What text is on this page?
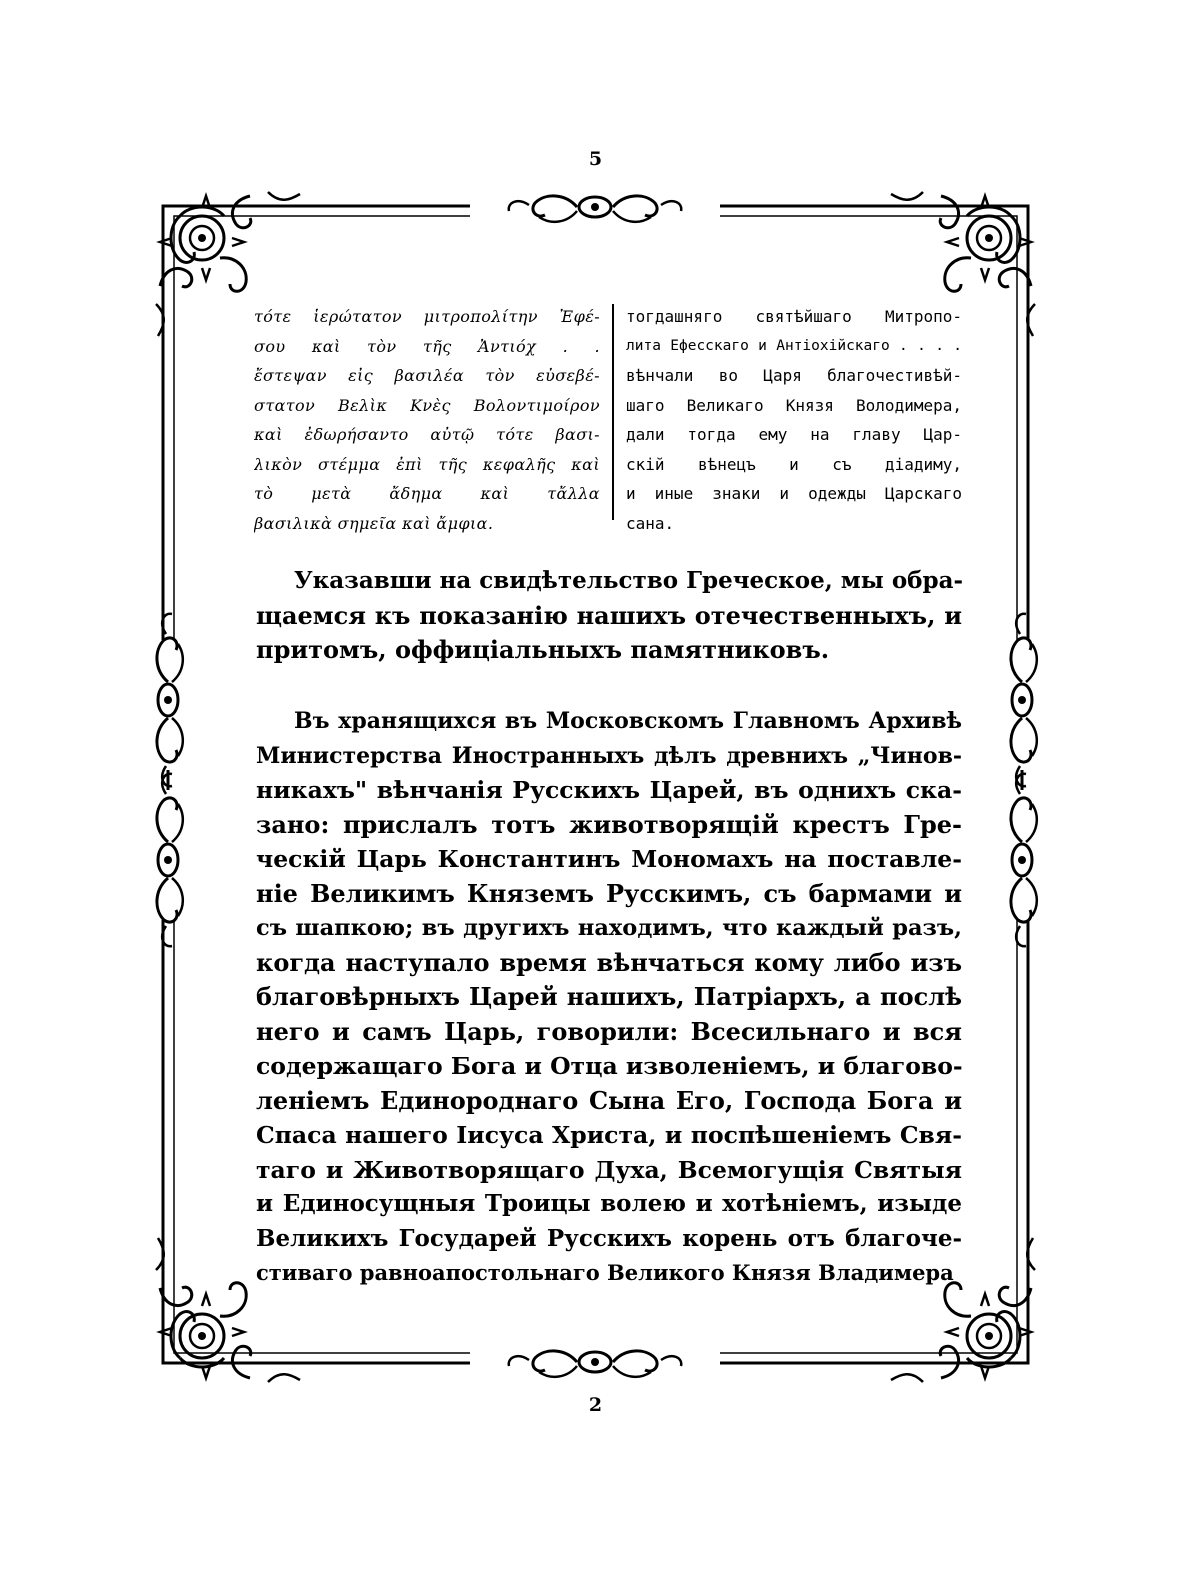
5
τότε ἱερώτατον μιτροπολίτην Ἐφέ-
σου καὶ τὸν τῆς Ἀντιόχ . .
ἔστεψαν εἰς βασιλέα τὸν εὐσεβέ-
στατον Βελὶκ Κνὲς Βολοντιμοίρον
καὶ ἐδωρήσαντο αὐτῷ τότε βασι-
λικὸν στέμμα ἐπὶ τῆς κεφαλῆς καὶ
τὸ μετὰ ἄδημα καὶ τἄλλα
βασιλικὰ σημεῖα καὶ ἄμφια.
тогдашняго святѣйшаго Митропо-
лита Ефесскаго и Антіохійскаго . . . .
вѣнчали во Царя благочестивѣй-
шаго Великаго Князя Володимера,
дали тогда ему на главу Цар-
скій вѣнецъ и съ діадиму,
и иные знаки и одежды Царскаго
сана.
Указавши на свидѣтельство Греческое, мы обра-
щаемся къ показанію нашихъ отечественныхъ, и
притомъ, оффиціальныхъ памятниковъ.
Въ хранящихся въ Московскомъ Главномъ Архивѣ
Министерства Иностранныхъ дѣлъ древнихъ „Чинов-
никахъ" вѣнчанія Русскихъ Царей, въ однихъ ска-
зано: прислалъ тотъ животворящій крестъ Гре-
ческій Царь Константинъ Мономахъ на поставле-
ніе Великимъ Княземъ Русскимъ, съ бармами и
съ шапкою; въ другихъ находимъ, что каждый разъ,
когда наступало время вѣнчаться кому либо изъ
благовѣрныхъ Царей нашихъ, Патріархъ, а послѣ
него и самъ Царь, говорили: Всесильнаго и вся
содержащаго Бога и Отца изволеніемъ, и благово-
леніемъ Единороднаго Сына Его, Господа Бога и
Спаса нашего Іисуса Христа, и поспѣшеніемъ Свя-
таго и Животворящаго Духа, Всемогущія Святыя
и Единосущныя Троицы волею и хотѣніемъ, изыде
Великихъ Государей Русскихъ корень отъ благоче-
стиваго равноапостольнаго Великого Князя Владимера
2
